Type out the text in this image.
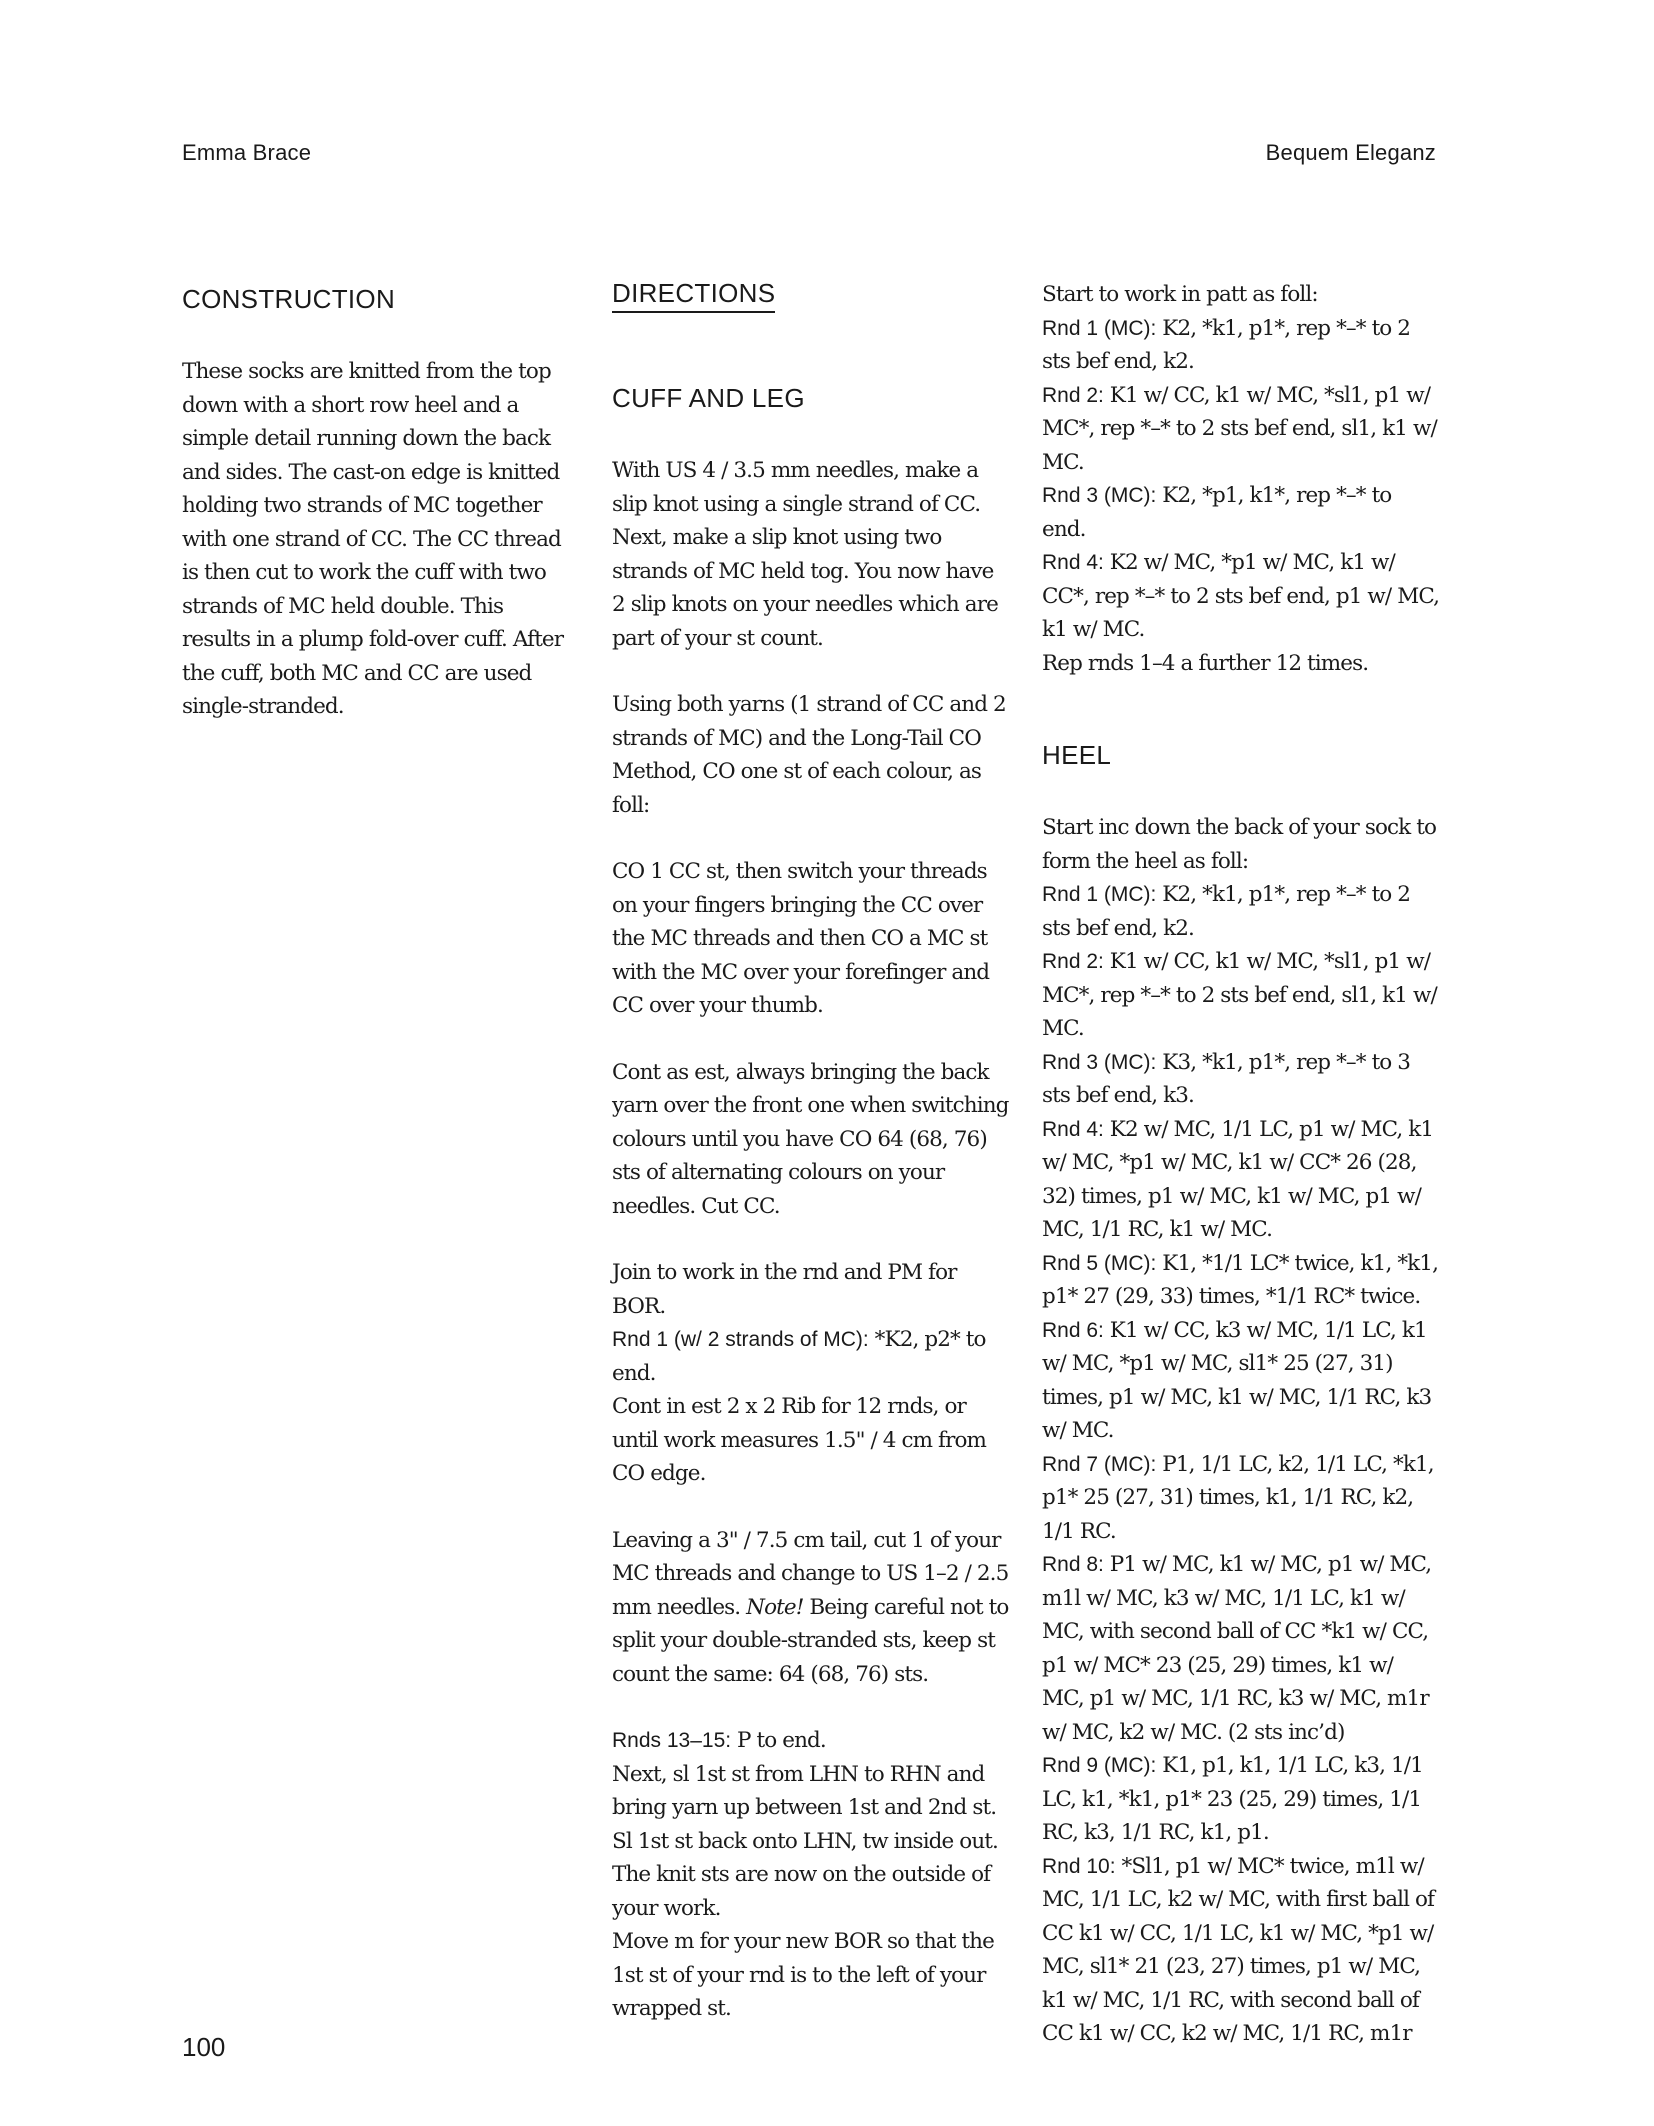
Emma Brace	Bequem Eleganz
CONSTRUCTION

These socks are knitted from the top down with a short row heel and a simple detail running down the back and sides. The cast-on edge is knitted holding two strands of MC together with one strand of CC. The CC thread is then cut to work the cuff with two strands of MC held double. This results in a plump fold-over cuff. After the cuff, both MC and CC are used single-stranded.

DIRECTIONS
CUFF AND LEG

With US 4 / 3.5 mm needles, make a slip knot using a single strand of CC. Next, make a slip knot using two strands of MC held tog. You now have 2 slip knots on your needles which are part of your st count.

Using both yarns (1 strand of CC and 2 strands of MC) and the Long-Tail CO Method, CO one st of each colour, as foll:

CO 1 CC st, then switch your threads on your fingers bringing the CC over the MC threads and then CO a MC st with the MC over your forefinger and CC over your thumb.

Cont as est, always bringing the back yarn over the front one when switching colours until you have CO 64 (68, 76) sts of alternating colours on your needles. Cut CC.

Join to work in the rnd and PM for BOR.

Rnd 1 (w/ 2 strands of MC): *K2, p2* to end.

Cont in est 2 x 2 Rib for 12 rnds, or until work measures 1.5" / 4 cm from CO edge.

Leaving a 3" / 7.5 cm tail, cut 1 of your MC threads and change to US 1–2 / 2.5 mm needles. Note! Being careful not to split your double-stranded sts, keep st count the same: 64 (68, 76) sts.

Rnds 13–15: P to end.

Next, sl 1st st from LHN to RHN and bring yarn up between 1st and 2nd st. Sl 1st st back onto LHN, tw inside out. The knit sts are now on the outside of your work.

Move m for your new BOR so that the 1st st of your rnd is to the left of your wrapped st.

Start to work in patt as foll:

Rnd 1 (MC): K2, *k1, p1*, rep *–* to 2 sts bef end, k2.

Rnd 2: K1 w/ CC, k1 w/ MC, *sl1, p1 w/ MC*, rep *–* to 2 sts bef end, sl1, k1 w/ MC.

Rnd 3 (MC): K2, *p1, k1*, rep *–* to end.

Rnd 4: K2 w/ MC, *p1 w/ MC, k1 w/ CC*, rep *–* to 2 sts bef end, p1 w/ MC, k1 w/ MC.

Rep rnds 1–4 a further 12 times.

HEEL

Start inc down the back of your sock to form the heel as foll:

Rnd 1 (MC): K2, *k1, p1*, rep *–* to 2 sts bef end, k2.

Rnd 2: K1 w/ CC, k1 w/ MC, *sl1, p1 w/ MC*, rep *–* to 2 sts bef end, sl1, k1 w/ MC.

Rnd 3 (MC): K3, *k1, p1*, rep *–* to 3 sts bef end, k3.

Rnd 4: K2 w/ MC, 1/1 LC, p1 w/ MC, k1 w/ MC, *p1 w/ MC, k1 w/ CC* 26 (28, 32) times, p1 w/ MC, k1 w/ MC, p1 w/ MC, 1/1 RC, k1 w/ MC.

Rnd 5 (MC): K1, *1/1 LC* twice, k1, *k1, p1* 27 (29, 33) times, *1/1 RC* twice.

Rnd 6: K1 w/ CC, k3 w/ MC, 1/1 LC, k1 w/ MC, *p1 w/ MC, sl1* 25 (27, 31) times, p1 w/ MC, k1 w/ MC, 1/1 RC, k3 w/ MC.

Rnd 7 (MC): P1, 1/1 LC, k2, 1/1 LC, *k1, p1* 25 (27, 31) times, k1, 1/1 RC, k2, 1/1 RC.

Rnd 8: P1 w/ MC, k1 w/ MC, p1 w/ MC, m1l w/ MC, k3 w/ MC, 1/1 LC, k1 w/ MC, with second ball of CC *k1 w/ CC, p1 w/ MC* 23 (25, 29) times, k1 w/ MC, p1 w/ MC, 1/1 RC, k3 w/ MC, m1r w/ MC, k2 w/ MC. (2 sts inc’d)

Rnd 9 (MC): K1, p1, k1, 1/1 LC, k3, 1/1 LC, k1, *k1, p1* 23 (25, 29) times, 1/1 RC, k3, 1/1 RC, k1, p1.

Rnd 10: *Sl1, p1 w/ MC* twice, m1l w/ MC, 1/1 LC, k2 w/ MC, with first ball of CC k1 w/ CC, 1/1 LC, k1 w/ MC, *p1 w/ MC, sl1* 21 (23, 27) times, p1 w/ MC, k1 w/ MC, 1/1 RC, with second ball of CC k1 w/ CC, k2 w/ MC, 1/1 RC, m1r

100
